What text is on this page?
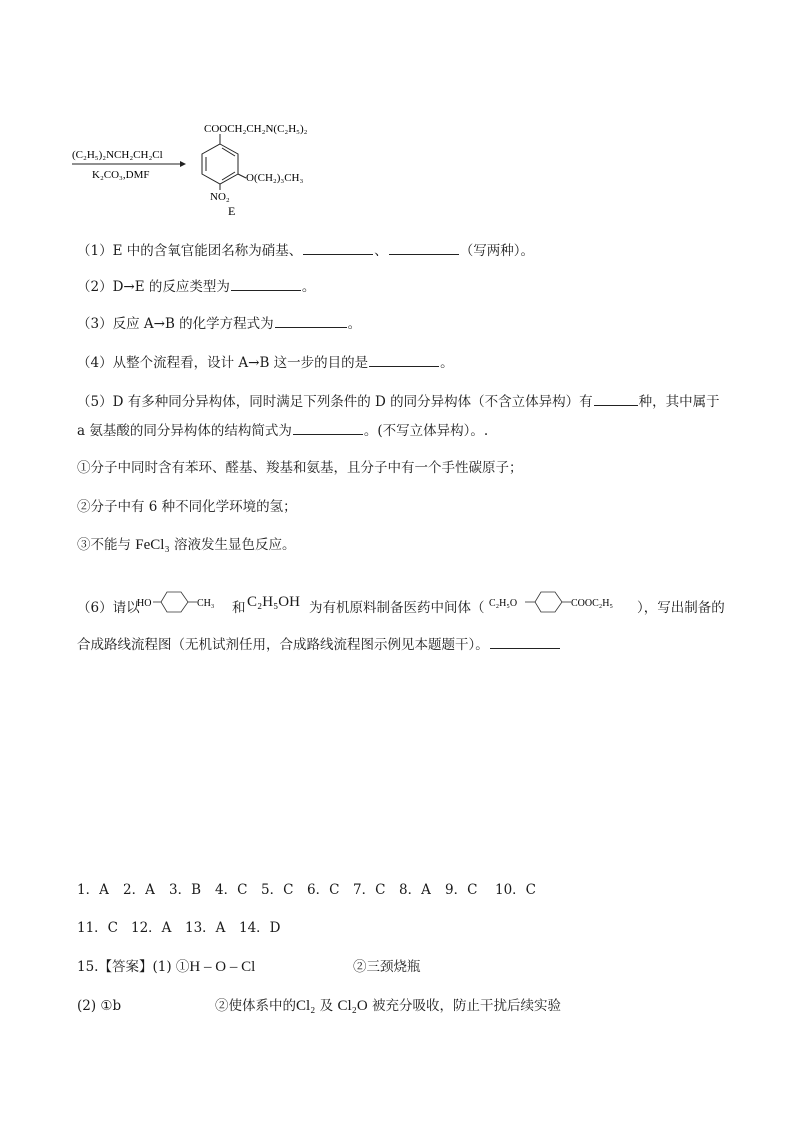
(C₂H₅)₂NCH₂CH₂Cl
K₂CO₃,DMF
COOCH₂CH₂N(C₂H₅)₂
O(CH₂)₃CH₃
NO₂
E
（1）E 中的含氧官能团名称为硝基、	、	（写两种）。
（2）D→E 的反应类型为	。
（3）反应 A→B 的化学方程式为	。
（4）从整个流程看，设计 A→B 这一步的目的是	。
（5）D 有多种同分异构体，同时满足下列条件的 D 的同分异构体（不含立体异构）有	种，其中属于
a 氨基酸的同分异构体的结构简式为	。(不写立体异构）。.
①分子中同时含有苯环、醛基、羧基和氨基，且分子中有一个手性碳原子；
②分子中有 6 种不同化学环境的氢；
③不能与 FeCl₃ 溶液发生显色反应。
（6）请以
HO	CH₃ 和 C₂H₅OH 为有机原料制备医药中间体（ C₂H₅O	COOC₂H₅ ），写出制备的
合成路线流程图（无机试剂任用，合成路线流程图示例见本题题干）。
1．A 2．A 3．B 4．C 5．C 6．C 7．C 8．A 9．C 10．C
11．C 12．A 13．A 14．D
15.【答案】(1) ①H – O – Cl	②三颈烧瓶
(2) ①b	②使体系中的Cl₂ 及 Cl₂O 被充分吸收，防止干扰后续实验
